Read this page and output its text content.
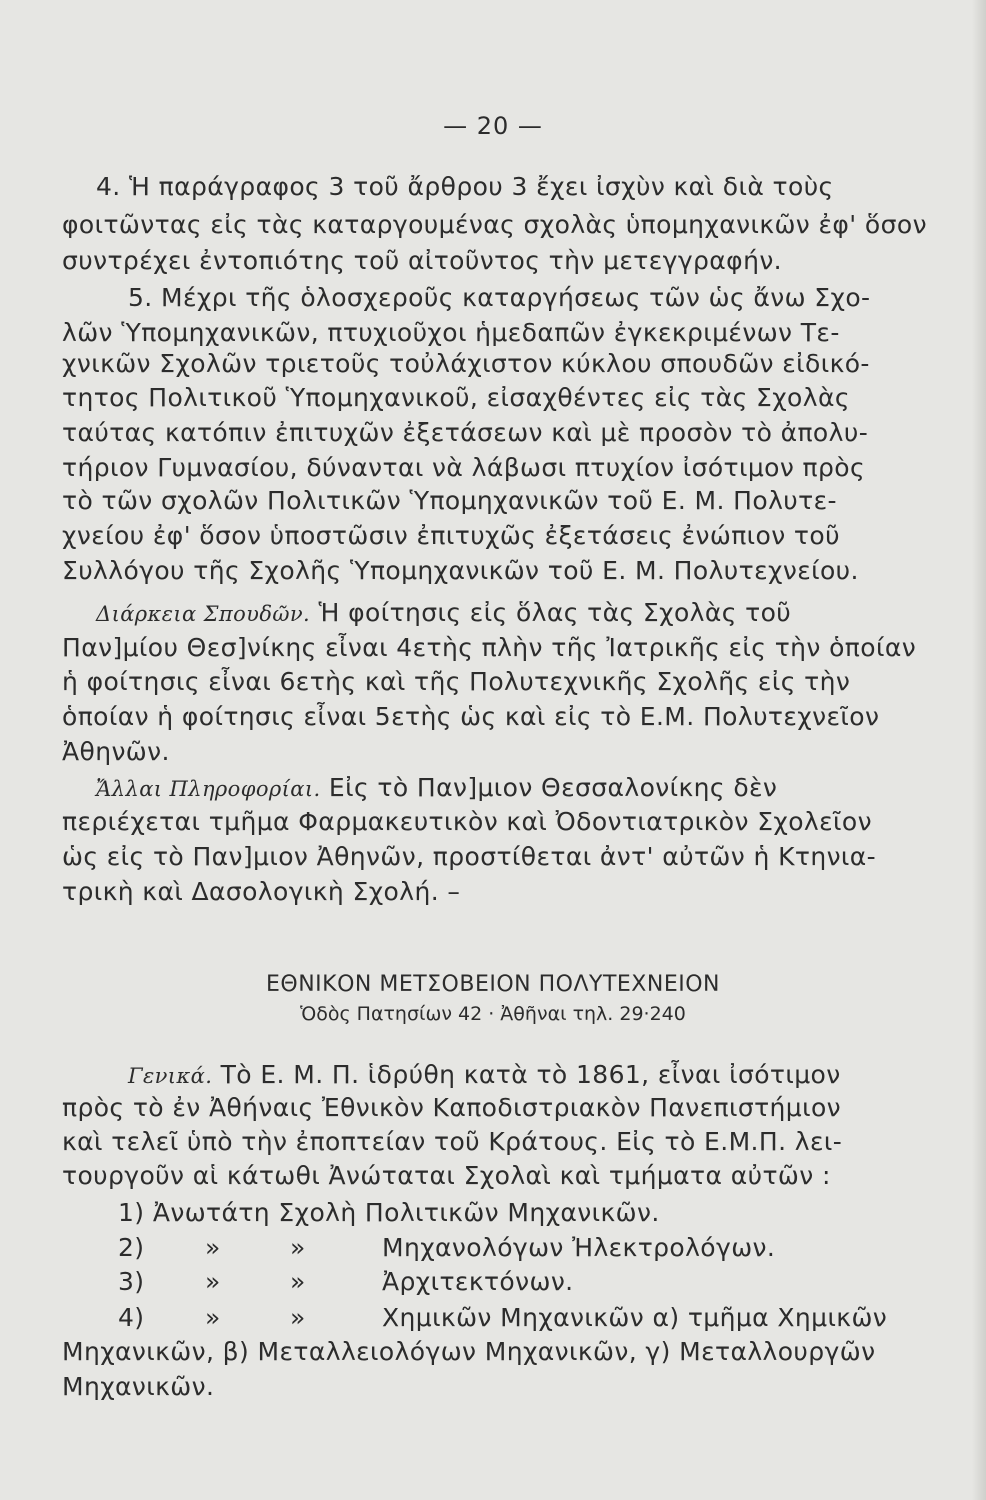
— 20 —
4. Ἡ παράγραφος 3 τοῦ ἄρθρου 3 ἔχει ἰσχὺν καὶ διὰ τοὺς
φοιτῶντας εἰς τὰς καταργουμένας σχολὰς ὑπομηχανικῶν ἐφ' ὅσον
συντρέχει ἐντοπιότης τοῦ αἰτοῦντος τὴν μετεγγραφήν.
5. Μέχρι τῆς ὁλοσχεροῦς καταργήσεως τῶν ὡς ἄνω Σχο-
λῶν Ὑπομηχανικῶν, πτυχιοῦχοι ἡμεδαπῶν ἐγκεκριμένων Τε-
χνικῶν Σχολῶν τριετοῦς τοὐλάχιστον κύκλου σπουδῶν εἰδικό-
τητος Πολιτικοῦ Ὑπομηχανικοῦ, εἰσαχθέντες εἰς τὰς Σχολὰς
ταύτας κατόπιν ἐπιτυχῶν ἐξετάσεων καὶ μὲ προσὸν τὸ ἀπολυ-
τήριον Γυμνασίου, δύνανται νὰ λάβωσι πτυχίον ἰσότιμον πρὸς
τὸ τῶν σχολῶν Πολιτικῶν Ὑπομηχανικῶν τοῦ Ε. Μ. Πολυτε-
χνείου ἐφ' ὅσον ὑποστῶσιν ἐπιτυχῶς ἐξετάσεις ἐνώπιον τοῦ
Συλλόγου τῆς Σχολῆς Ὑπομηχανικῶν τοῦ Ε. Μ. Πολυτεχνείου.
Διάρκεια Σπουδῶν. Ἡ φοίτησις εἰς ὅλας τὰς Σχολὰς τοῦ
Παν]μίου Θεσ]νίκης εἶναι 4ετὴς πλὴν τῆς Ἰατρικῆς εἰς τὴν ὁποίαν
ἡ φοίτησις εἶναι 6ετὴς καὶ τῆς Πολυτεχνικῆς Σχολῆς εἰς τὴν
ὁποίαν ἡ φοίτησις εἶναι 5ετὴς ὡς καὶ εἰς τὸ Ε.Μ. Πολυτεχνεῖον
Ἀθηνῶν.
Ἄλλαι Πληροφορίαι. Εἰς τὸ Παν]μιον Θεσσαλονίκης δὲν
περιέχεται τμῆμα Φαρμακευτικὸν καὶ Ὀδοντιατρικὸν Σχολεῖον
ὡς εἰς τὸ Παν]μιον Ἀθηνῶν, προστίθεται ἀντ' αὐτῶν ἡ Κτηνια-
τρικὴ καὶ Δασολογικὴ Σχολή. –
ΕΘΝΙΚΟΝ ΜΕΤΣΟΒΕΙΟΝ ΠΟΛΥΤΕΧΝΕΙΟΝ
Ὁδὸς Πατησίων 42 · Ἀθῆναι τηλ. 29·240
Γενικά. Τὸ Ε. Μ. Π. ἱδρύθη κατὰ τὸ 1861, εἶναι ἰσότιμον
πρὸς τὸ ἐν Ἀθήναις Ἐθνικὸν Καποδιστριακὸν Πανεπιστήμιον
καὶ τελεῖ ὑπὸ τὴν ἐποπτείαν τοῦ Κράτους. Εἰς τὸ Ε.Μ.Π. λει-
τουργοῦν αἱ κάτωθι Ἀνώταται Σχολαὶ καὶ τμήματα αὐτῶν :
1) Ἀνωτάτη Σχολὴ Πολιτικῶν Μηχανικῶν.
2) »	»	Μηχανολόγων Ἠλεκτρολόγων.
3) »	»	Ἀρχιτεκτόνων.
4) »	»	Χημικῶν Μηχανικῶν α) τμῆμα Χημικῶν
Μηχανικῶν, β) Μεταλλειολόγων Μηχανικῶν, γ) Μεταλλουργῶν
Μηχανικῶν.
